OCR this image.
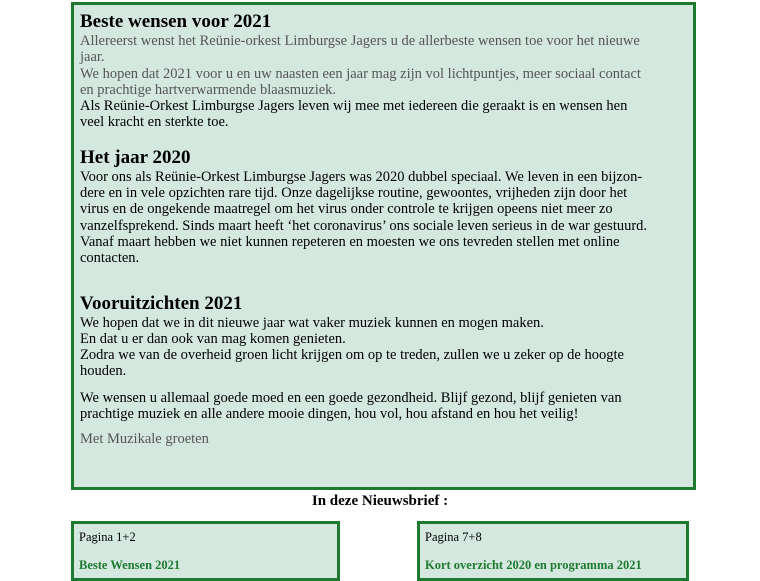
Beste wensen voor 2021

Allereerst wenst het Reünie-orkest Limburgse Jagers u de allerbeste wensen toe voor het nieuwe

jaar.

We hopen dat 2021 voor u en uw naasten een jaar mag zijn vol lichtpuntjes, meer sociaal contact

en prachtige hartverwarmende blaasmuziek.

Als Reünie-Orkest Limburgse Jagers leven wij mee met iedereen die geraakt is en wensen hen

veel kracht en sterkte toe.

Het jaar 2020

Voor ons als Reünie-Orkest Limburgse Jagers was 2020 dubbel speciaal. We leven in een bijzon-

dere en in vele opzichten rare tijd. Onze dagelijkse routine, gewoontes, vrijheden zijn door het

virus en de ongekende maatregel om het virus onder controle te krijgen opeens niet meer zo

vanzelfsprekend. Sinds maart heeft ‘het coronavirus’ ons sociale leven serieus in de war gestuurd.

Vanaf maart hebben we niet kunnen repeteren en moesten we ons tevreden stellen met online

contacten.

Vooruitzichten 2021

We hopen dat we in dit nieuwe jaar wat vaker muziek kunnen en mogen maken.

En dat u er dan ook van mag komen genieten.

Zodra we van de overheid groen licht krijgen om op te treden, zullen we u zeker op de hoogte

houden.

We wensen u allemaal goede moed en een goede gezondheid. Blijf gezond, blijf genieten van

prachtige muziek en alle andere mooie dingen, hou vol, hou afstand en hou het veilig!

Met Muzikale groeten

In deze Nieuwsbrief :
Pagina 1+2
Beste Wensen 2021
Pagina 7+8
Kort overzicht 2020 en programma 2021
